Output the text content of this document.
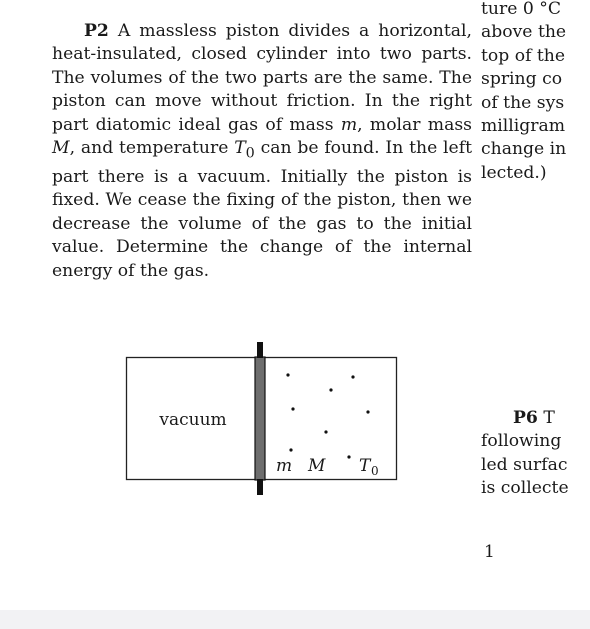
P2 A massless piston divides a horizontal, heat-insulated, closed cylinder into two parts. The volumes of the two parts are the same. The piston can move without friction. In the right part diatomic ideal gas of mass m, molar mass M, and temperature $T_0$ can be found. In the left part there is a vacuum. Initially the piston is fixed. We cease the fixing of the piston, then we decrease the volume of the gas to the initial value. Determine the change of the internal energy of the gas.
ture 0 °C
above the
top of the
spring co
of the sys
milligram
change in
lected.)
P6 T
following
led surfac
is collecte
vacuum
m M T 0
1
